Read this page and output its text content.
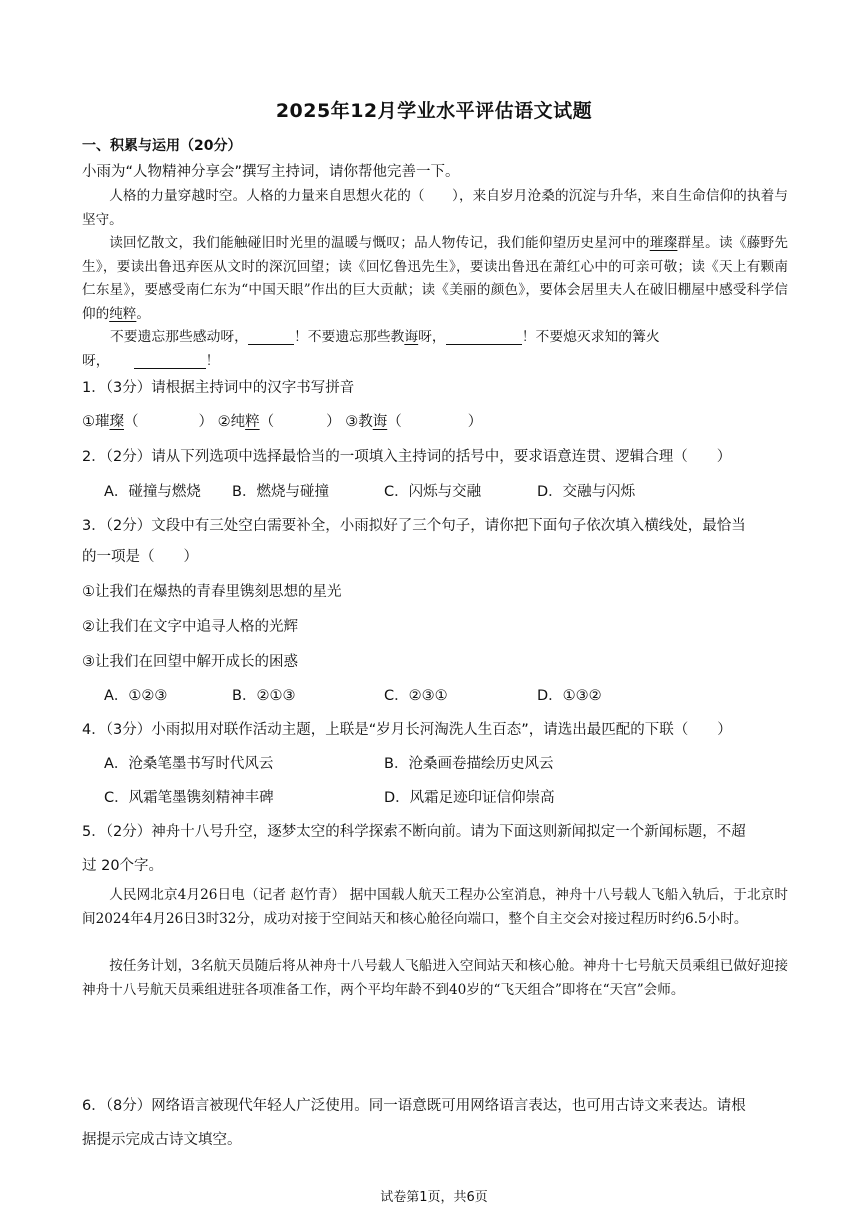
2025年12月学业水平评估语文试题
一、积累与运用（20分）
小雨为“人物精神分享会”撰写主持词，请你帮他完善一下。

人格的力量穿越时空。人格的力量来自思想火花的（　　），来自岁月沧桑的沉淀与升华，来自生命信仰的执着与坚守。

读回忆散文，我们能触碰旧时光里的温暖与慨叹；品人物传记，我们能仰望历史星河中的璀璨群星。读《藤野先生》，要读出鲁迅弃医从文时的深沉回望；读《回忆鲁迅先生》，要读出鲁迅在萧红心中的可亲可敬；读《天上有颗南仁东星》，要感受南仁东为“中国天眼”作出的巨大贡献；读《美丽的颜色》，要体会居里夫人在破旧棚屋中感受科学信仰的纯粹。

不要遗忘那些感动呀，	！不要遗忘那些教诲呀，	！不要熄灭求知的篝火
呀，	！
1．（3分）请根据主持词中的汉字书写拼音
①璀璨（	） ②纯粹（	） ③教诲（	）
2．（2分）请从下列选项中选择最恰当的一项填入主持词的括号中，要求语意连贯、逻辑合理（　　）
A．碰撞与燃烧 B．燃烧与碰撞	C．闪烁与交融	D．交融与闪烁
3．（2分）文段中有三处空白需要补全，小雨拟好了三个句子，请你把下面句子依次填入横线处，最恰当
的一项是（　　）
①让我们在爆热的青春里镌刻思想的星光
②让我们在文字中追寻人格的光辉
③让我们在回望中解开成长的困惑
A．①②③	B．②①③	C．②③①	D．①③②
4．（3分）小雨拟用对联作活动主题，上联是“岁月长河淘洗人生百态”，请选出最匹配的下联（　　）
A．沧桑笔墨书写时代风云	B．沧桑画卷描绘历史风云
C．风霜笔墨镌刻精神丰碑	D．风霜足迹印证信仰崇高
5．（2分）神舟十八号升空，逐梦太空的科学探索不断向前。请为下面这则新闻拟定一个新闻标题，不超
过 20个字。

人民网北京4月26日电（记者 赵竹青） 据中国载人航天工程办公室消息，神舟十八号载人飞船入轨后，于北京时间2024年4月26日3时32分，成功对接于空间站天和核心舱径向端口，整个自主交会对接过程历时约6.5小时。

按任务计划，3名航天员随后将从神舟十八号载人飞船进入空间站天和核心舱。神舟十七号航天员乘组已做好迎接神舟十八号航天员乘组进驻各项准备工作，两个平均年龄不到40岁的“飞天组合”即将在“天宫”会师。

6．（8分）网络语言被现代年轻人广泛使用。同一语意既可用网络语言表达，也可用古诗文来表达。请根
据提示完成古诗文填空。
试卷第1页，共6页
